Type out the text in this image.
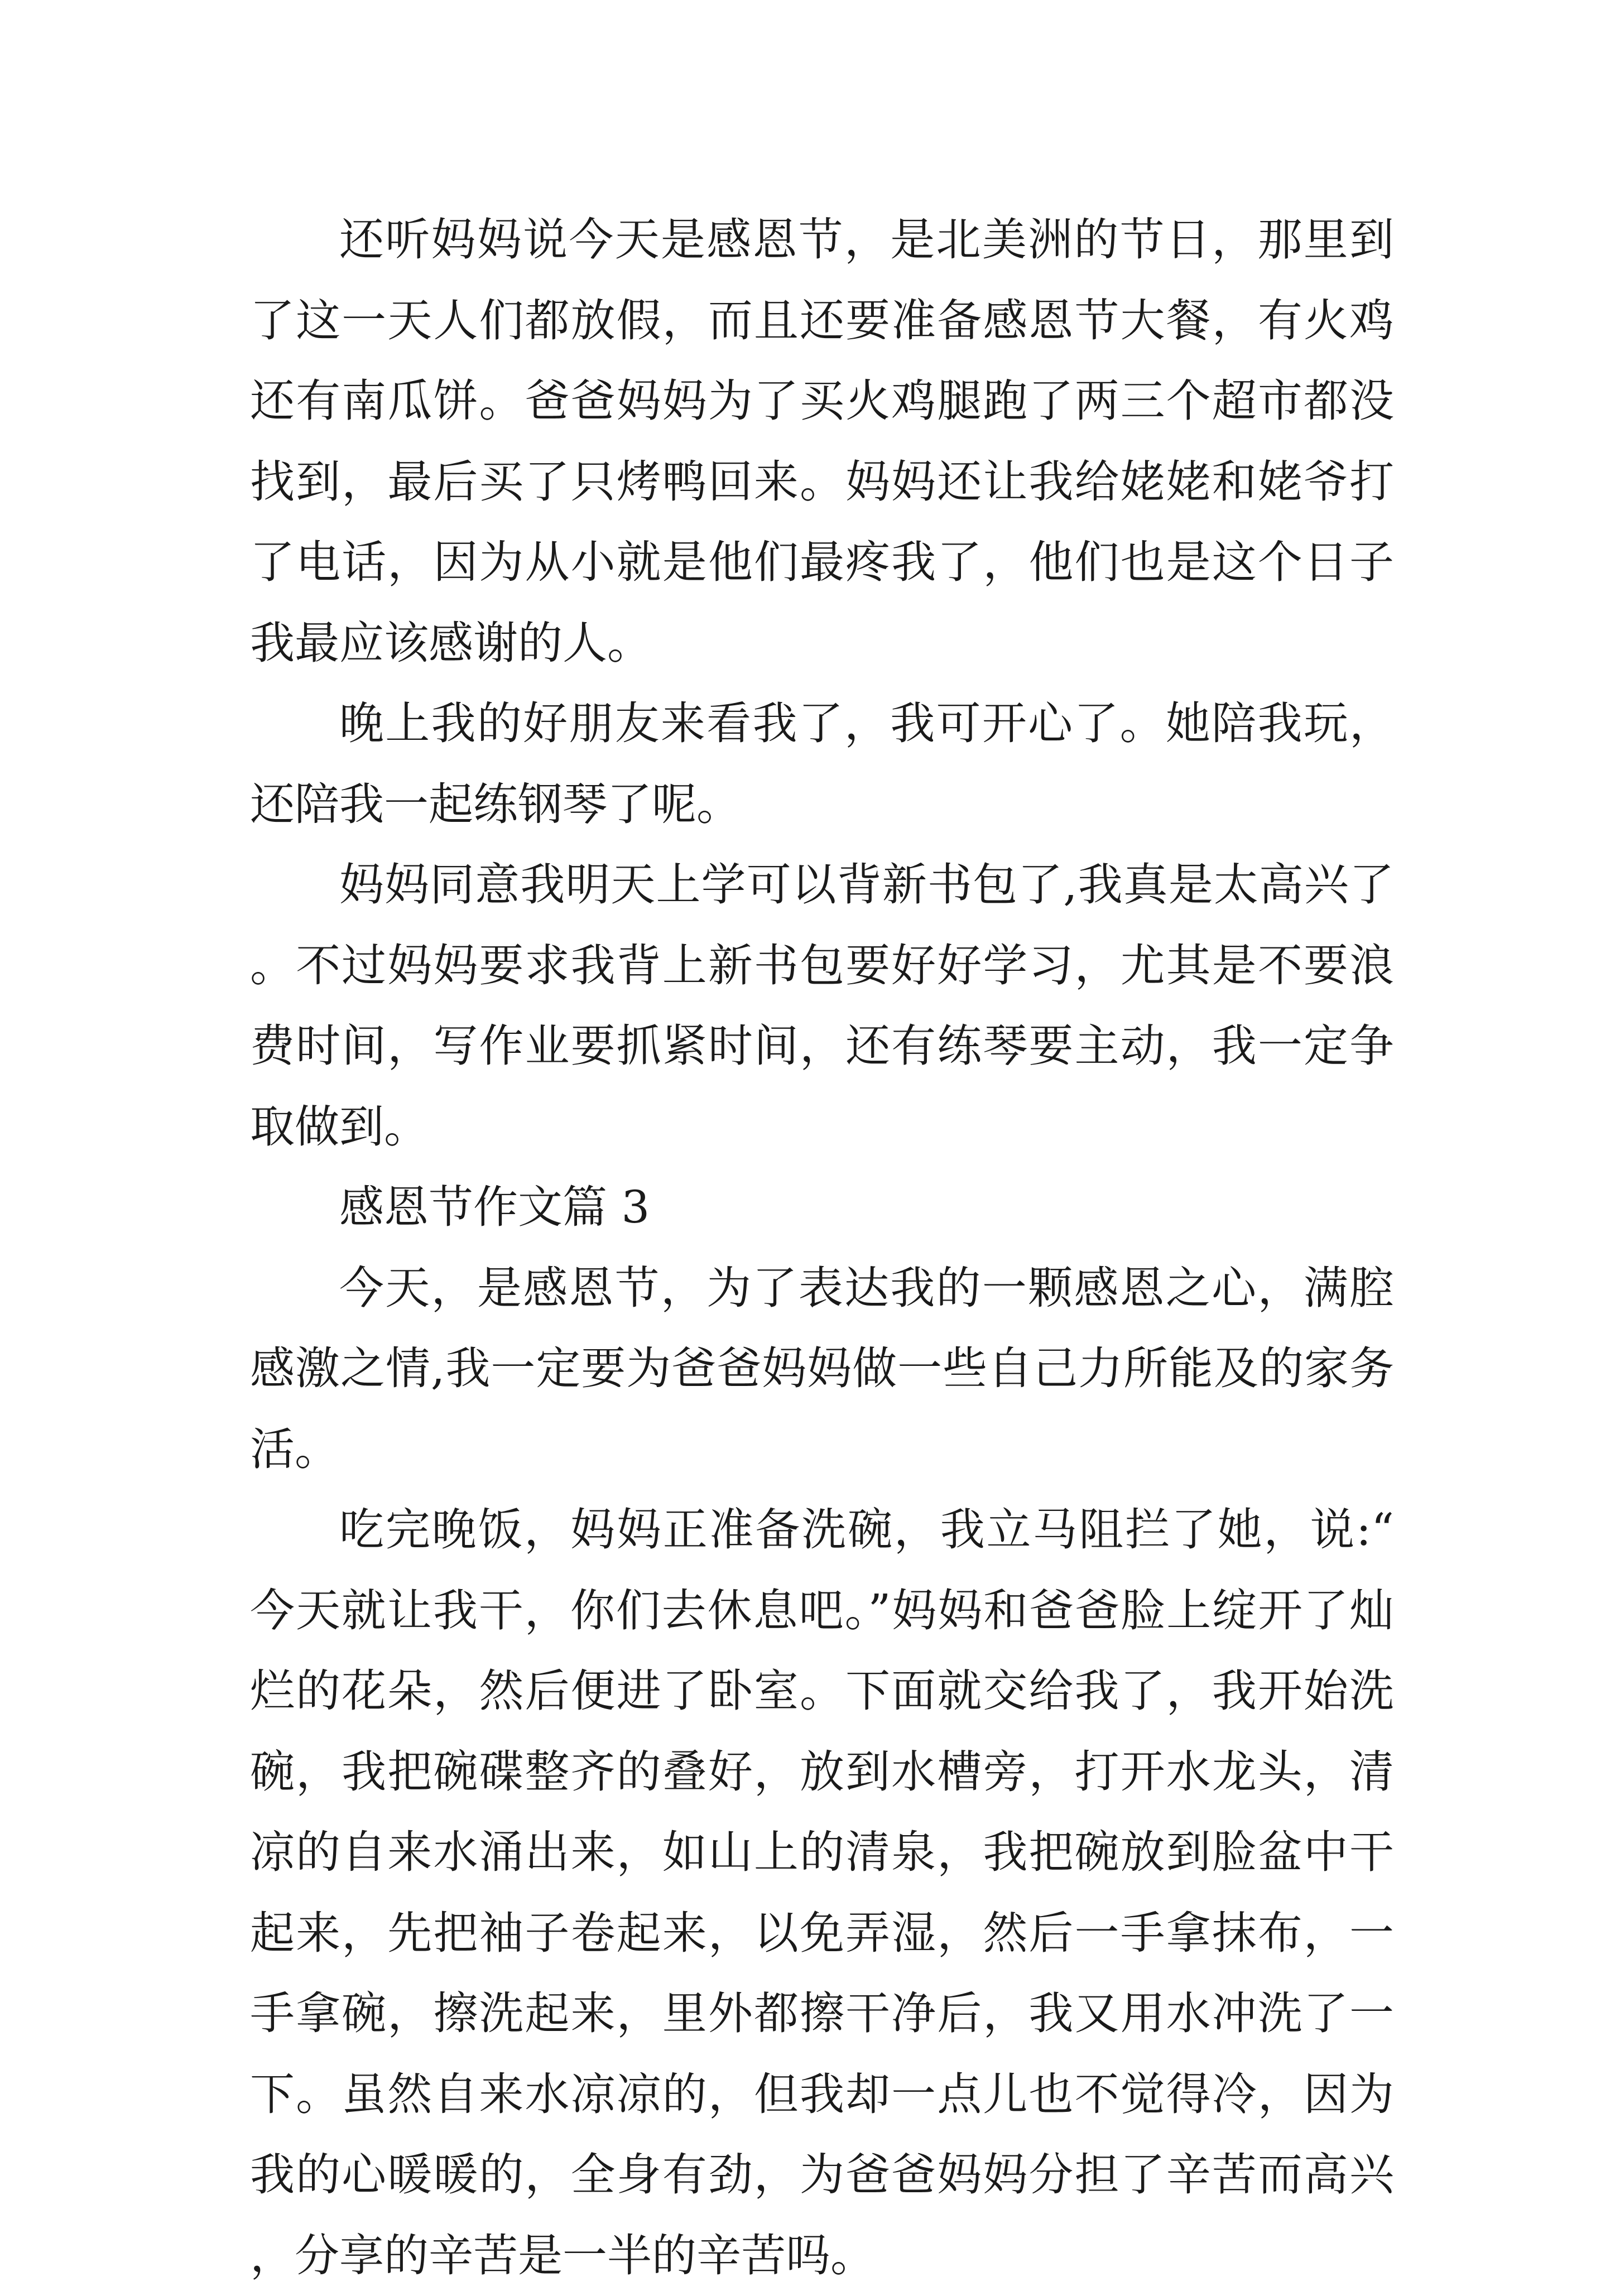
还听妈妈说今天是感恩节，是北美洲的节日，那里到了这一天人们都放假，而且还要准备感恩节大餐，有火鸡还有南瓜饼。爸爸妈妈为了买火鸡腿跑了两三个超市都没找到，最后买了只烤鸭回来。妈妈还让我给姥姥和姥爷打了电话，因为从小就是他们最疼我了，他们也是这个日子我最应该感谢的人。

晚上我的好朋友来看我了，我可开心了。她陪我玩，还陪我一起练钢琴了呢。

妈妈同意我明天上学可以背新书包了,我真是太高兴了。不过妈妈要求我背上新书包要好好学习，尤其是不要浪费时间，写作业要抓紧时间，还有练琴要主动，我一定争取做到。

感恩节作文篇 3

今天，是感恩节，为了表达我的一颗感恩之心，满腔感激之情,我一定要为爸爸妈妈做一些自己力所能及的家务活。

吃完晚饭，妈妈正准备洗碗，我立马阻拦了她，说:“今天就让我干，你们去休息吧。”妈妈和爸爸脸上绽开了灿烂的花朵，然后便进了卧室。下面就交给我了，我开始洗碗，我把碗碟整齐的叠好，放到水槽旁，打开水龙头，清凉的自来水涌出来，如山上的清泉，我把碗放到脸盆中干起来，先把袖子卷起来，以免弄湿，然后一手拿抹布，一手拿碗，擦洗起来，里外都擦干净后，我又用水冲洗了一下。虽然自来水凉凉的，但我却一点儿也不觉得冷，因为我的心暖暖的，全身有劲，为爸爸妈妈分担了辛苦而高兴，分享的辛苦是一半的辛苦吗。
